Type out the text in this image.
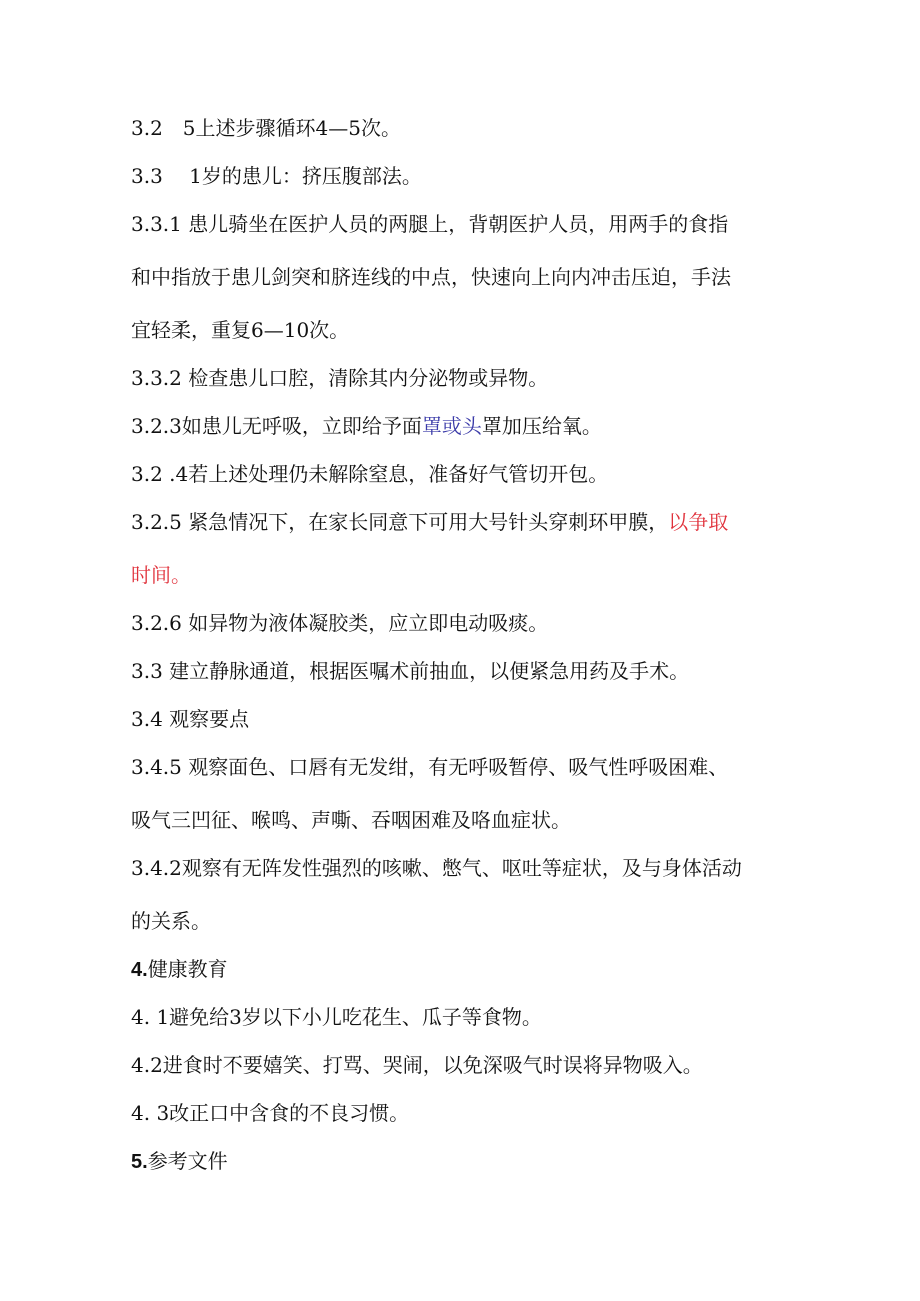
3.2　5上述步骤循环4—5次。
3.3　 1岁的患儿：挤压腹部法。
3.3.1 患儿骑坐在医护人员的两腿上，背朝医护人员，用两手的食指
和中指放于患儿剑突和脐连线的中点，快速向上向内冲击压迫，手法
宜轻柔，重复6—10次。
3.3.2 检查患儿口腔，清除其内分泌物或异物。
3.2.3如患儿无呼吸，立即给予面罩或头罩加压给氧。
3.2 .4若上述处理仍未解除窒息，准备好气管切开包。
3.2.5 紧急情况下，在家长同意下可用大号针头穿刺环甲膜，以争取
时间。
3.2.6 如异物为液体凝胶类，应立即电动吸痰。
3.3 建立静脉通道，根据医嘱术前抽血，以便紧急用药及手术。
3.4 观察要点
3.4.5 观察面色、口唇有无发绀，有无呼吸暂停、吸气性呼吸困难、
吸气三凹征、喉鸣、声嘶、吞咽困难及咯血症状。
3.4.2观察有无阵发性强烈的咳嗽、憋气、呕吐等症状，及与身体活动
的关系。
4.健康教育
4. 1避免给3岁以下小儿吃花生、瓜子等食物。
4.2进食时不要嬉笑、打骂、哭闹，以免深吸气时误将异物吸入。
4. 3改正口中含食的不良习惯。
5.参考文件
